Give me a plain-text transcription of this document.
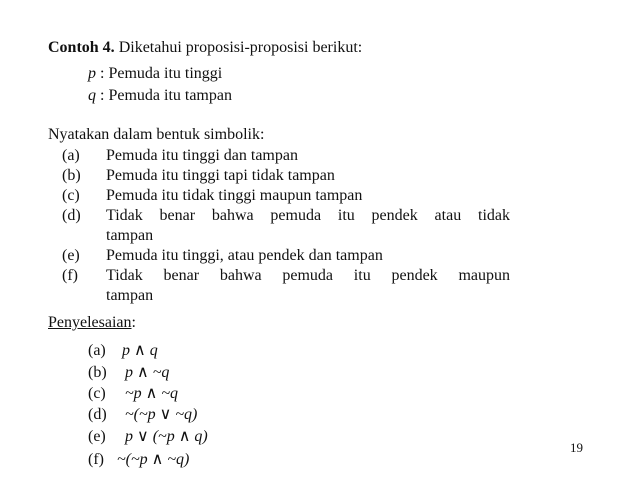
Contoh 4. Diketahui proposisi-proposisi berikut:
p : Pemuda itu tinggi
q : Pemuda itu tampan
Nyatakan dalam bentuk simbolik:
(a) Pemuda itu tinggi dan tampan
(b) Pemuda itu tinggi tapi tidak tampan
(c) Pemuda itu tidak tinggi maupun tampan
(d) Tidak benar bahwa pemuda itu pendek atau tidak
tampan
(e) Pemuda itu tinggi, atau pendek dan tampan
(f) Tidak benar bahwa pemuda itu pendek maupun
tampan
Penyelesaian:
(a) p ∧ q
(b) p ∧ ~q
(c) ~p ∧ ~q
(d) ~(~p ∨ ~q)
(e) p ∨ (~p ∧ q)
(f) ~(~p ∧ ~q)
19
